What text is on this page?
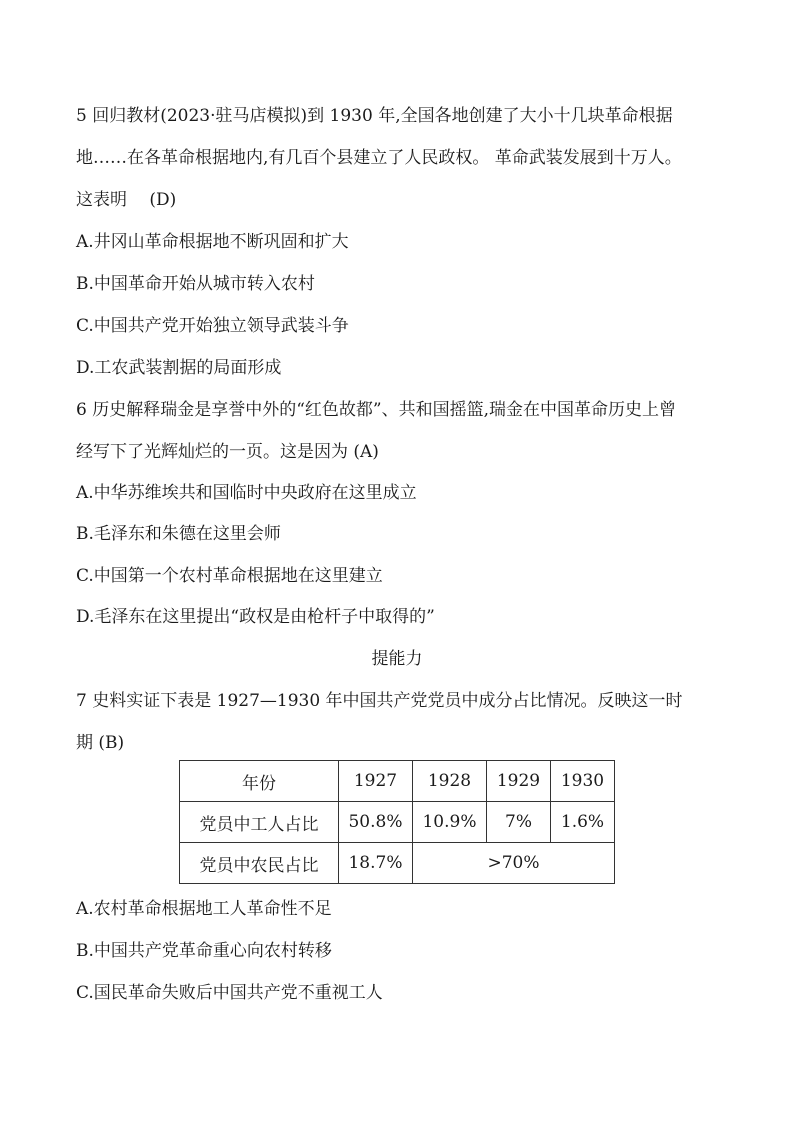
5 回归教材(2023·驻马店模拟)到 1930 年,全国各地创建了大小十几块革命根据
地……在各革命根据地内,有几百个县建立了人民政权。 革命武装发展到十万人。
这表明　 (D)
A.井冈山革命根据地不断巩固和扩大
B.中国革命开始从城市转入农村
C.中国共产党开始独立领导武装斗争
D.工农武装割据的局面形成
6 历史解释瑞金是享誉中外的“红色故都”、共和国摇篮,瑞金在中国革命历史上曾
经写下了光辉灿烂的一页。这是因为 (A)
A.中华苏维埃共和国临时中央政府在这里成立
B.毛泽东和朱德在这里会师
C.中国第一个农村革命根据地在这里建立
D.毛泽东在这里提出“政权是由枪杆子中取得的”
提能力
7 史料实证下表是 1927—1930 年中国共产党党员中成分占比情况。反映这一时
期 (B)
年份	1927	1928	1929	1930
党员中工人占比	50.8%	10.9%	7%	1.6%
党员中农民占比	18.7%	>70%		
A.农村革命根据地工人革命性不足
B.中国共产党革命重心向农村转移
C.国民革命失败后中国共产党不重视工人
